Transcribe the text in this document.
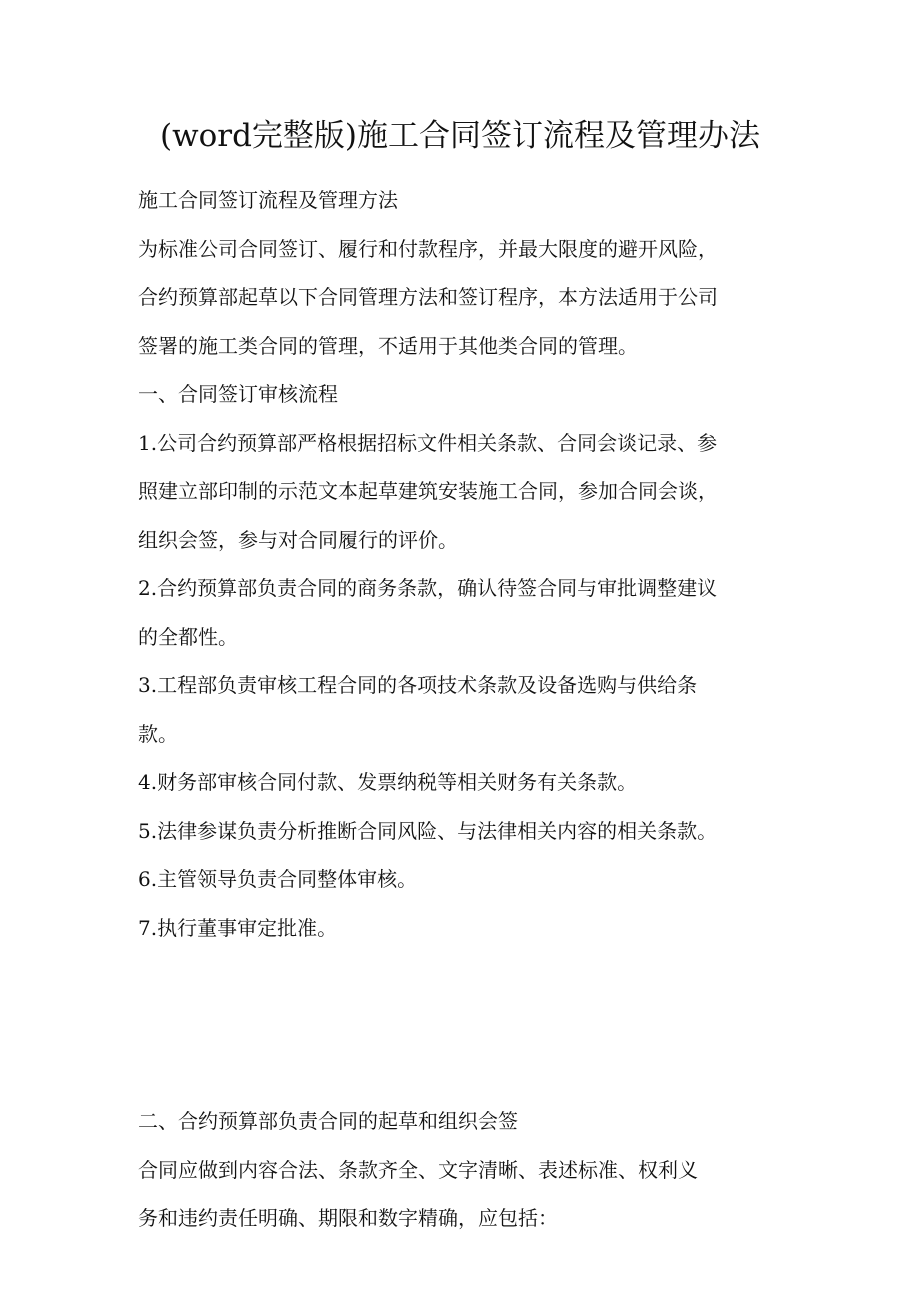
(word完整版)施工合同签订流程及管理办法
施工合同签订流程及管理方法
为标准公司合同签订、履行和付款程序，并最大限度的避开风险，
合约预算部起草以下合同管理方法和签订程序，本方法适用于公司
签署的施工类合同的管理，不适用于其他类合同的管理。
一、合同签订审核流程
1.公司合约预算部严格根据招标文件相关条款、合同会谈记录、参
照建立部印制的示范文本起草建筑安装施工合同，参加合同会谈，
组织会签，参与对合同履行的评价。
2.合约预算部负责合同的商务条款，确认待签合同与审批调整建议
的全都性。
3.工程部负责审核工程合同的各项技术条款及设备选购与供给条
款。
4.财务部审核合同付款、发票纳税等相关财务有关条款。
5.法律参谋负责分析推断合同风险、与法律相关内容的相关条款。
6.主管领导负责合同整体审核。
7.执行董事审定批准。
二、合约预算部负责合同的起草和组织会签
合同应做到内容合法、条款齐全、文字清晰、表述标准、权利义
务和违约责任明确、期限和数字精确，应包括：
